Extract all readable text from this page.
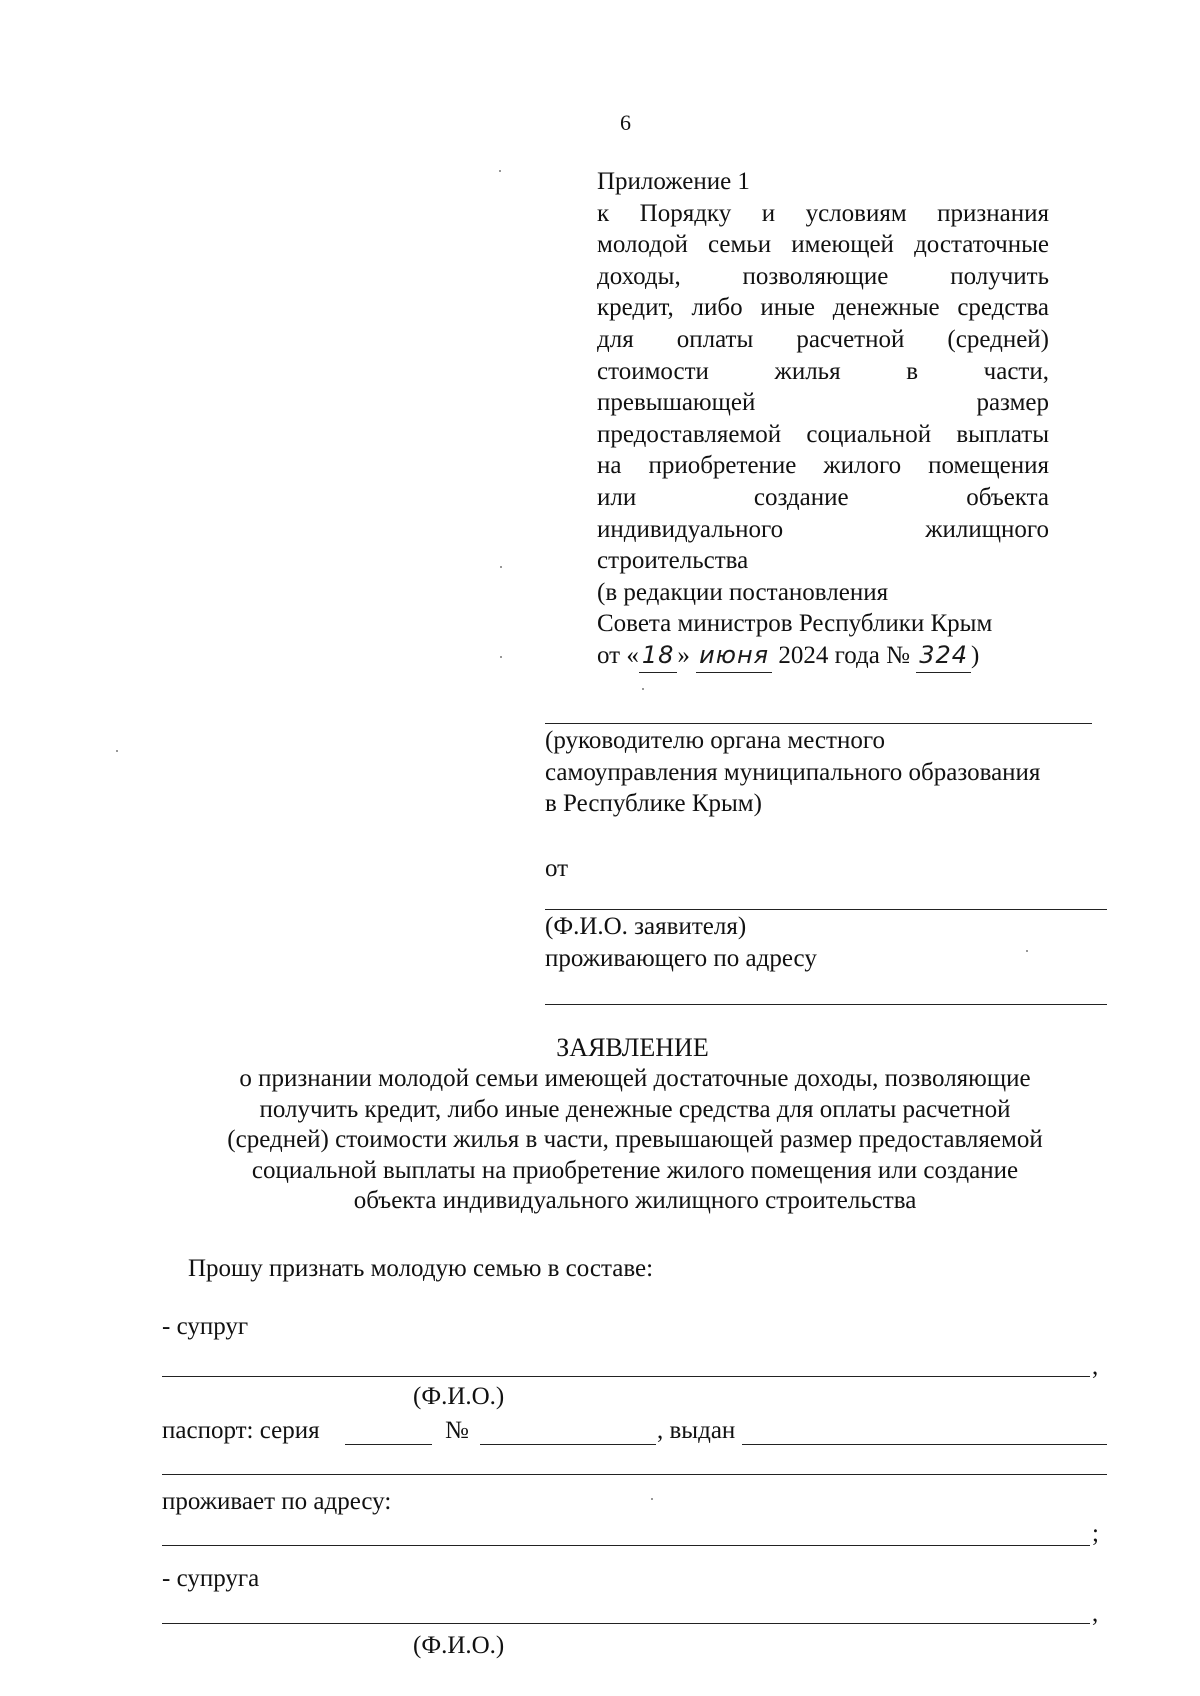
6
Приложение 1
к Порядку и условиям признания
молодой семьи имеющей достаточные
доходы, позволяющие получить
кредит, либо иные денежные средства
для оплаты расчетной (средней)
стоимости жилья в части,
превышающей размер
предоставляемой социальной выплаты
на приобретение жилого помещения
или создание объекта
индивидуального жилищного
строительства
(в редакции постановления
Совета министров Республики Крым
от « 18 » июня 2024 года № 324 )
(руководителю органа местного
самоуправления муниципального образования
в Республике Крым)
от
(Ф.И.О. заявителя)
проживающего по адресу
ЗАЯВЛЕНИЕ
о признании молодой семьи имеющей достаточные доходы, позволяющие
получить кредит, либо иные денежные средства для оплаты расчетной
(средней) стоимости жилья в части, превышающей размер предоставляемой
социальной выплаты на приобретение жилого помещения или создание
объекта индивидуального жилищного строительства
Прошу признать молодую семью в составе:
- супруг
,
(Ф.И.О.)
паспорт: серия	№	, выдан
проживает по адресу:
;
- супруга
,
(Ф.И.О.)
